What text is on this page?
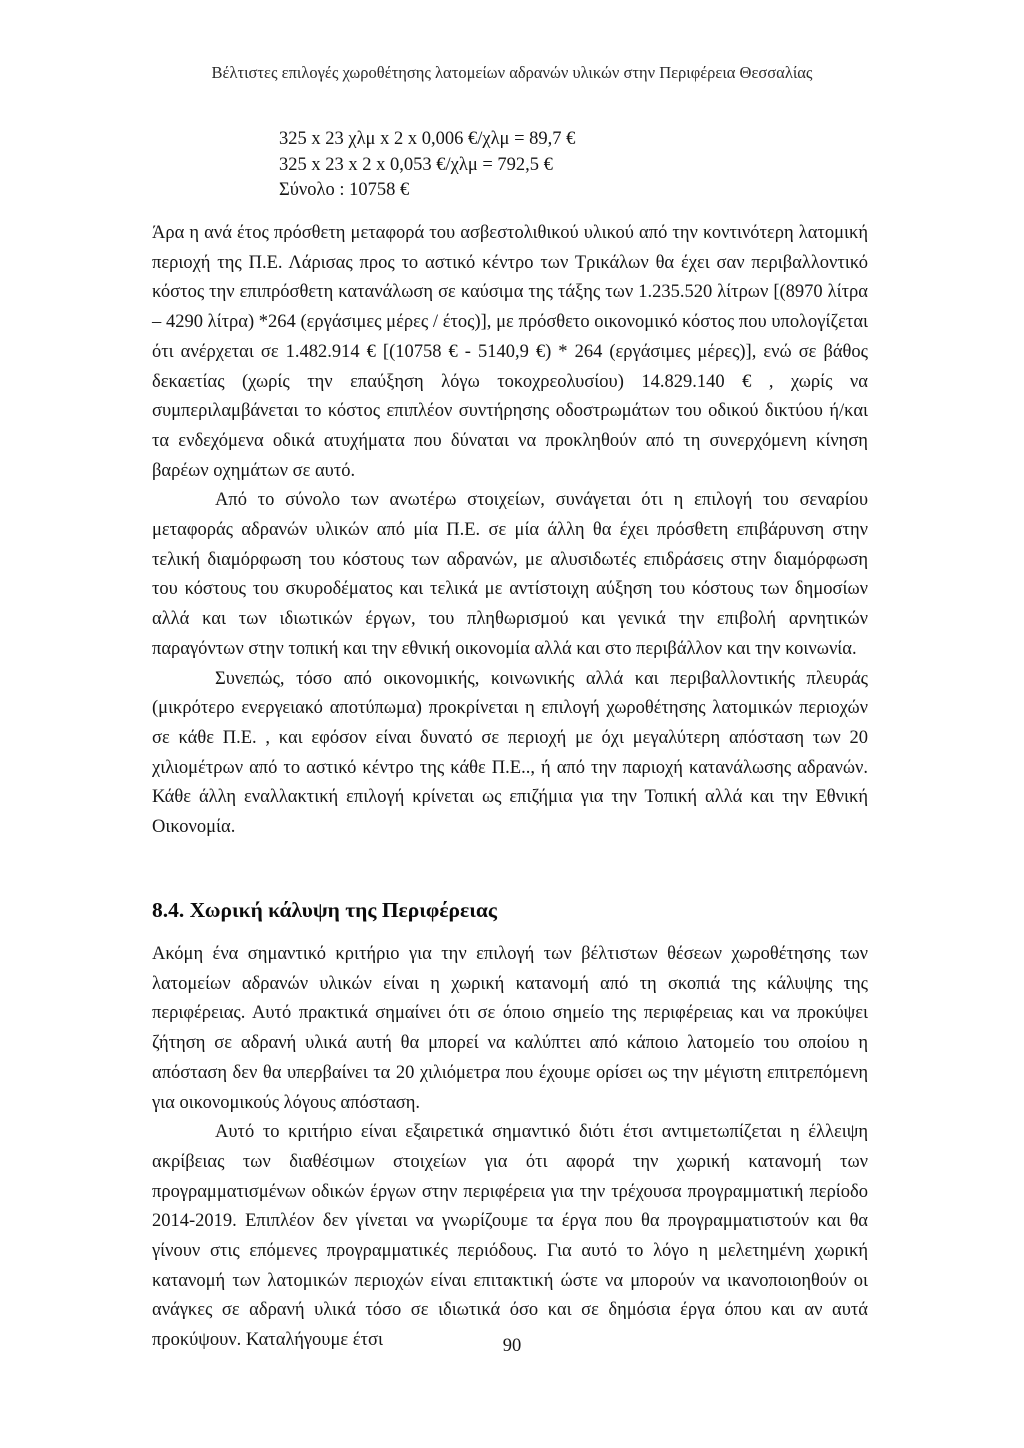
Βέλτιστες επιλογές χωροθέτησης λατομείων αδρανών υλικών στην Περιφέρεια Θεσσαλίας
325 x 23 χλμ x 2 x 0,006 €/χλμ = 89,7 €
325 x 23 x 2 x 0,053 €/χλμ = 792,5 €
Σύνολο : 10758 €

Άρα η ανά έτος πρόσθετη μεταφορά του ασβεστολιθικού υλικού από την κοντινότερη λατομική περιοχή της Π.Ε. Λάρισας προς το αστικό κέντρο των Τρικάλων θα έχει σαν περιβαλλοντικό κόστος την επιπρόσθετη κατανάλωση σε καύσιμα της τάξης των 1.235.520 λίτρων [(8970 λίτρα – 4290 λίτρα) *264 (εργάσιμες μέρες / έτος)], με πρόσθετο οικονομικό κόστος που υπολογίζεται ότι ανέρχεται σε 1.482.914 € [(10758 € - 5140,9 €) * 264 (εργάσιμες μέρες)], ενώ σε βάθος δεκαετίας (χωρίς την επαύξηση λόγω τοκοχρεολυσίου) 14.829.140 € , χωρίς να συμπεριλαμβάνεται το κόστος επιπλέον συντήρησης οδοστρωμάτων του οδικού δικτύου ή/και τα ενδεχόμενα οδικά ατυχήματα που δύναται να προκληθούν από τη συνερχόμενη κίνηση βαρέων οχημάτων σε αυτό.

Από το σύνολο των ανωτέρω στοιχείων, συνάγεται ότι η επιλογή του σεναρίου μεταφοράς αδρανών υλικών από μία Π.Ε. σε μία άλλη θα έχει πρόσθετη επιβάρυνση στην τελική διαμόρφωση του κόστους των αδρανών, με αλυσιδωτές επιδράσεις στην διαμόρφωση του κόστους του σκυροδέματος και τελικά με αντίστοιχη αύξηση του κόστους των δημοσίων αλλά και των ιδιωτικών έργων, του πληθωρισμού και γενικά την επιβολή αρνητικών παραγόντων στην τοπική και την εθνική οικονομία αλλά και στο περιβάλλον και την κοινωνία.

Συνεπώς, τόσο από οικονομικής, κοινωνικής αλλά και περιβαλλοντικής πλευράς (μικρότερο ενεργειακό αποτύπωμα) προκρίνεται η επιλογή χωροθέτησης λατομικών περιοχών σε κάθε Π.Ε. , και εφόσον είναι δυνατό σε περιοχή με όχι μεγαλύτερη απόσταση των 20 χιλιομέτρων από το αστικό κέντρο της κάθε Π.Ε.., ή από την παριοχή κατανάλωσης αδρανών. Κάθε άλλη εναλλακτική επιλογή κρίνεται ως επιζήμια για την Τοπική αλλά και την Εθνική Οικονομία.

8.4. Χωρική κάλυψη της Περιφέρειας

Ακόμη ένα σημαντικό κριτήριο για την επιλογή των βέλτιστων θέσεων χωροθέτησης των λατομείων αδρανών υλικών είναι η χωρική κατανομή από τη σκοπιά της κάλυψης της περιφέρειας. Αυτό πρακτικά σημαίνει ότι σε όποιο σημείο της περιφέρειας και να προκύψει ζήτηση σε αδρανή υλικά αυτή θα μπορεί να καλύπτει από κάποιο λατομείο του οποίου η απόσταση δεν θα υπερβαίνει τα 20 χιλιόμετρα που έχουμε ορίσει ως την μέγιστη επιτρεπόμενη για οικονομικούς λόγους απόσταση.

Αυτό το κριτήριο είναι εξαιρετικά σημαντικό διότι έτσι αντιμετωπίζεται η έλλειψη ακρίβειας των διαθέσιμων στοιχείων για ότι αφορά την χωρική κατανομή των προγραμματισμένων οδικών έργων στην περιφέρεια για την τρέχουσα προγραμματική περίοδο 2014-2019. Επιπλέον δεν γίνεται να γνωρίζουμε τα έργα που θα προγραμματιστούν και θα γίνουν στις επόμενες προγραμματικές περιόδους. Για αυτό το λόγο η μελετημένη χωρική κατανομή των λατομικών περιοχών είναι επιτακτική ώστε να μπορούν να ικανοποιοηθούν οι ανάγκες σε αδρανή υλικά τόσο σε ιδιωτικά όσο και σε δημόσια έργα όπου και αν αυτά προκύψουν. Καταλήγουμε έτσι	90
